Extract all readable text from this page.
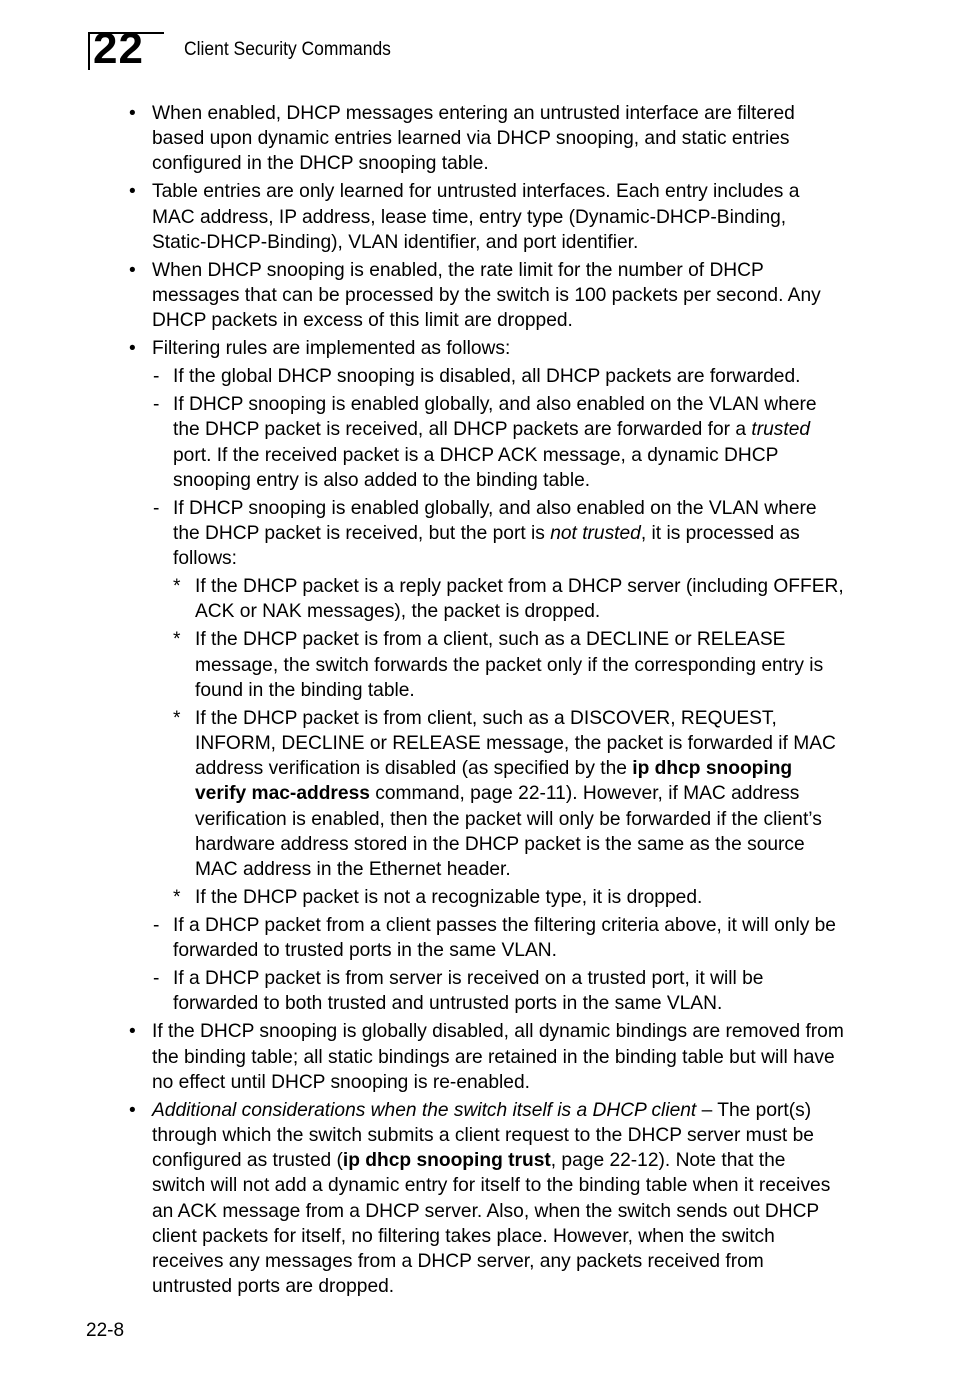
22 Client Security Commands
• When enabled, DHCP messages entering an untrusted interface are filtered based upon dynamic entries learned via DHCP snooping, and static entries configured in the DHCP snooping table.
• Table entries are only learned for untrusted interfaces. Each entry includes a MAC address, IP address, lease time, entry type (Dynamic-DHCP-Binding, Static-DHCP-Binding), VLAN identifier, and port identifier.
• When DHCP snooping is enabled, the rate limit for the number of DHCP messages that can be processed by the switch is 100 packets per second. Any DHCP packets in excess of this limit are dropped.
• Filtering rules are implemented as follows:
- If the global DHCP snooping is disabled, all DHCP packets are forwarded.
- If DHCP snooping is enabled globally, and also enabled on the VLAN where the DHCP packet is received, all DHCP packets are forwarded for a trusted port. If the received packet is a DHCP ACK message, a dynamic DHCP snooping entry is also added to the binding table.
- If DHCP snooping is enabled globally, and also enabled on the VLAN where the DHCP packet is received, but the port is not trusted, it is processed as follows:
* If the DHCP packet is a reply packet from a DHCP server (including OFFER, ACK or NAK messages), the packet is dropped.
* If the DHCP packet is from a client, such as a DECLINE or RELEASE message, the switch forwards the packet only if the corresponding entry is found in the binding table.
* If the DHCP packet is from client, such as a DISCOVER, REQUEST, INFORM, DECLINE or RELEASE message, the packet is forwarded if MAC address verification is disabled (as specified by the ip dhcp snooping verify mac-address command, page 22-11). However, if MAC address verification is enabled, then the packet will only be forwarded if the client’s hardware address stored in the DHCP packet is the same as the source MAC address in the Ethernet header.
* If the DHCP packet is not a recognizable type, it is dropped.
- If a DHCP packet from a client passes the filtering criteria above, it will only be forwarded to trusted ports in the same VLAN.
- If a DHCP packet is from server is received on a trusted port, it will be forwarded to both trusted and untrusted ports in the same VLAN.
• If the DHCP snooping is globally disabled, all dynamic bindings are removed from the binding table; all static bindings are retained in the binding table but will have no effect until DHCP snooping is re-enabled.
• Additional considerations when the switch itself is a DHCP client – The port(s) through which the switch submits a client request to the DHCP server must be configured as trusted (ip dhcp snooping trust, page 22-12). Note that the switch will not add a dynamic entry for itself to the binding table when it receives an ACK message from a DHCP server. Also, when the switch sends out DHCP client packets for itself, no filtering takes place. However, when the switch receives any messages from a DHCP server, any packets received from untrusted ports are dropped.
22-8
